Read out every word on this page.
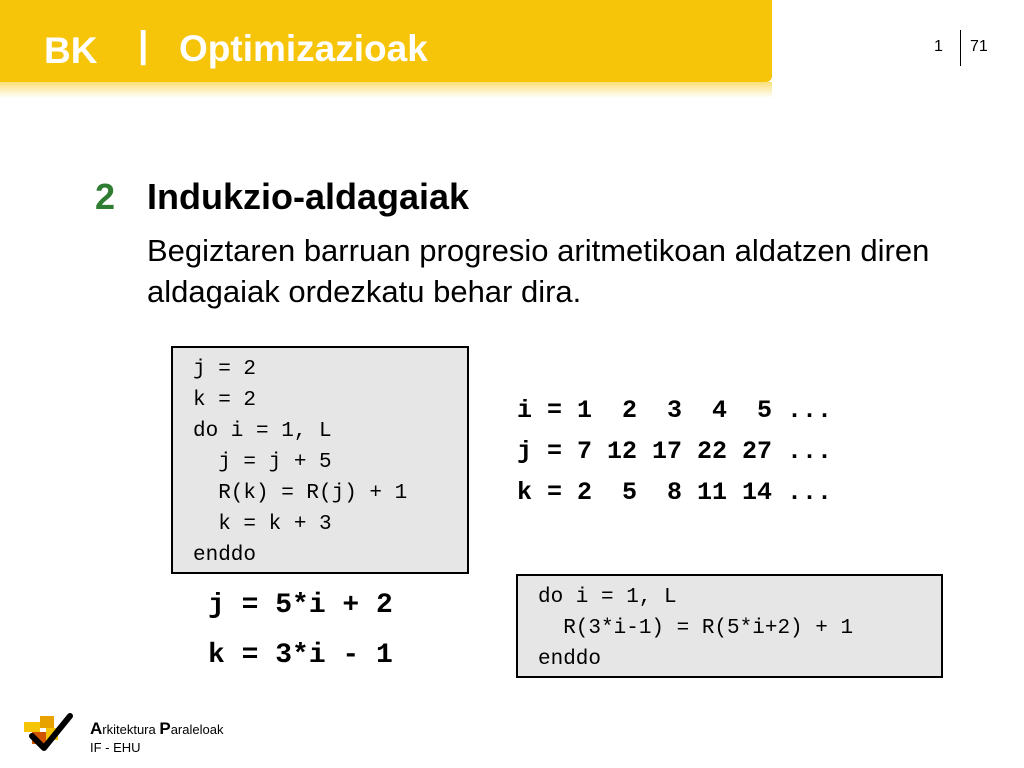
BK | Optimizazioak	1 71
2 Indukzio-aldagaiak
Begiztaren barruan progresio aritmetikoan aldatzen diren aldagaiak ordezkatu behar dira.
j = 2
k = 2
do i = 1, L
j = j + 5
R(k) = R(j) + 1
k = k + 3
enddo
i = 1  2  3  4  5 ...
j = 7 12 17 22 27 ...
k = 2  5  8 11 14 ...
j = 5*i + 2
k = 3*i - 1
do i = 1, L
R(3*i-1) = R(5*i+2) + 1
enddo
Arkitektura Paraleloak
IF - EHU
